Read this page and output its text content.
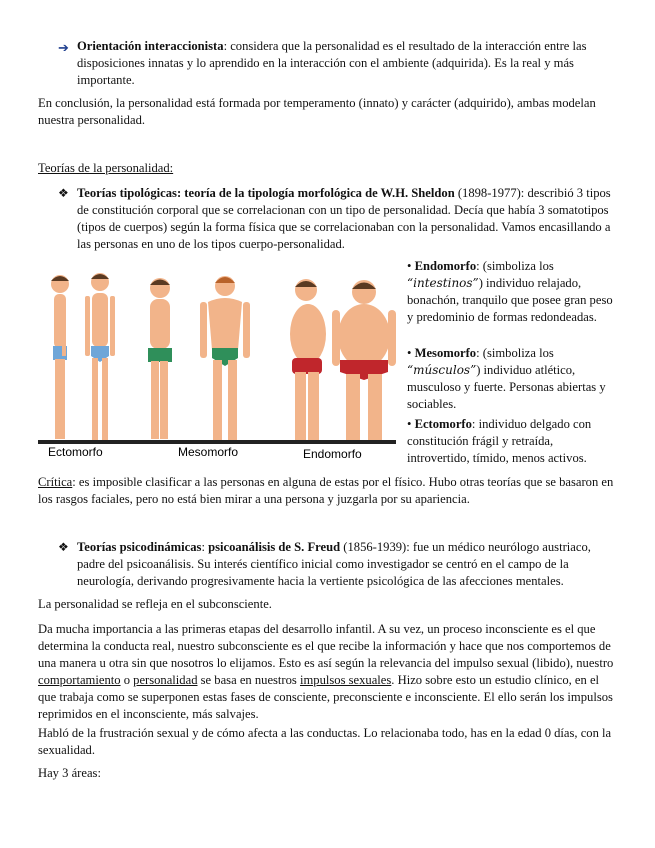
➔ Orientación interaccionista: considera que la personalidad es el resultado de la interacción entre las disposiciones innatas y lo aprendido en la interacción con el ambiente (adquirida). Es la real y más importante.

En conclusión, la personalidad está formada por temperamento (innato) y carácter (adquirido), ambas modelan nuestra personalidad.

Teorías de la personalidad:

❖ Teorías tipológicas: teoría de la tipología morfológica de W.H. Sheldon (1898-1977): describió 3 tipos de constitución corporal que se correlacionan con un tipo de personalidad. Decía que había 3 somatotipos (tipos de cuerpos) según la forma física que se correlacionaban con la personalidad. Vamos encasillando a las personas en uno de los tipos cuerpo-personalidad.

Ectomorfo	Mesomorfo	Endomorfo

• Endomorfo: (simboliza los “intestinos”) individuo relajado, bonachón, tranquilo que posee gran peso y predominio de formas redondeadas.

• Mesomorfo: (simboliza los “músculos”) individuo atlético, musculoso y fuerte. Personas abiertas y sociables.

• Ectomorfo: individuo delgado con constitución frágil y retraída, introvertido, tímido, menos activos.

Crítica: es imposible clasificar a las personas en alguna de estas por el físico. Hubo otras teorías que se basaron en los rasgos faciales, pero no está bien mirar a una persona y juzgarla por su apariencia.

❖ Teorías psicodinámicas: psicoanálisis de S. Freud (1856-1939): fue un médico neurólogo austriaco, padre del psicoanálisis. Su interés científico inicial como investigador se centró en el campo de la neurología, derivando progresivamente hacia la vertiente psicológica de las afecciones mentales.

La personalidad se refleja en el subconsciente.

Da mucha importancia a las primeras etapas del desarrollo infantil. A su vez, un proceso inconsciente es el que determina la conducta real, nuestro subconsciente es el que recibe la información y hace que nos comportemos de una manera u otra sin que nosotros lo elijamos. Esto es así según la relevancia del impulso sexual (libido), nuestro comportamiento o personalidad se basa en nuestros impulsos sexuales. Hizo sobre esto un estudio clínico, en el que trabaja como se superponen estas fases de consciente, preconsciente e inconsciente. El ello serán los impulsos reprimidos en el inconsciente, más salvajes.

Habló de la frustración sexual y de cómo afecta a las conductas. Lo relacionaba todo, has en la edad 0 días, con la sexualidad.

Hay 3 áreas:
